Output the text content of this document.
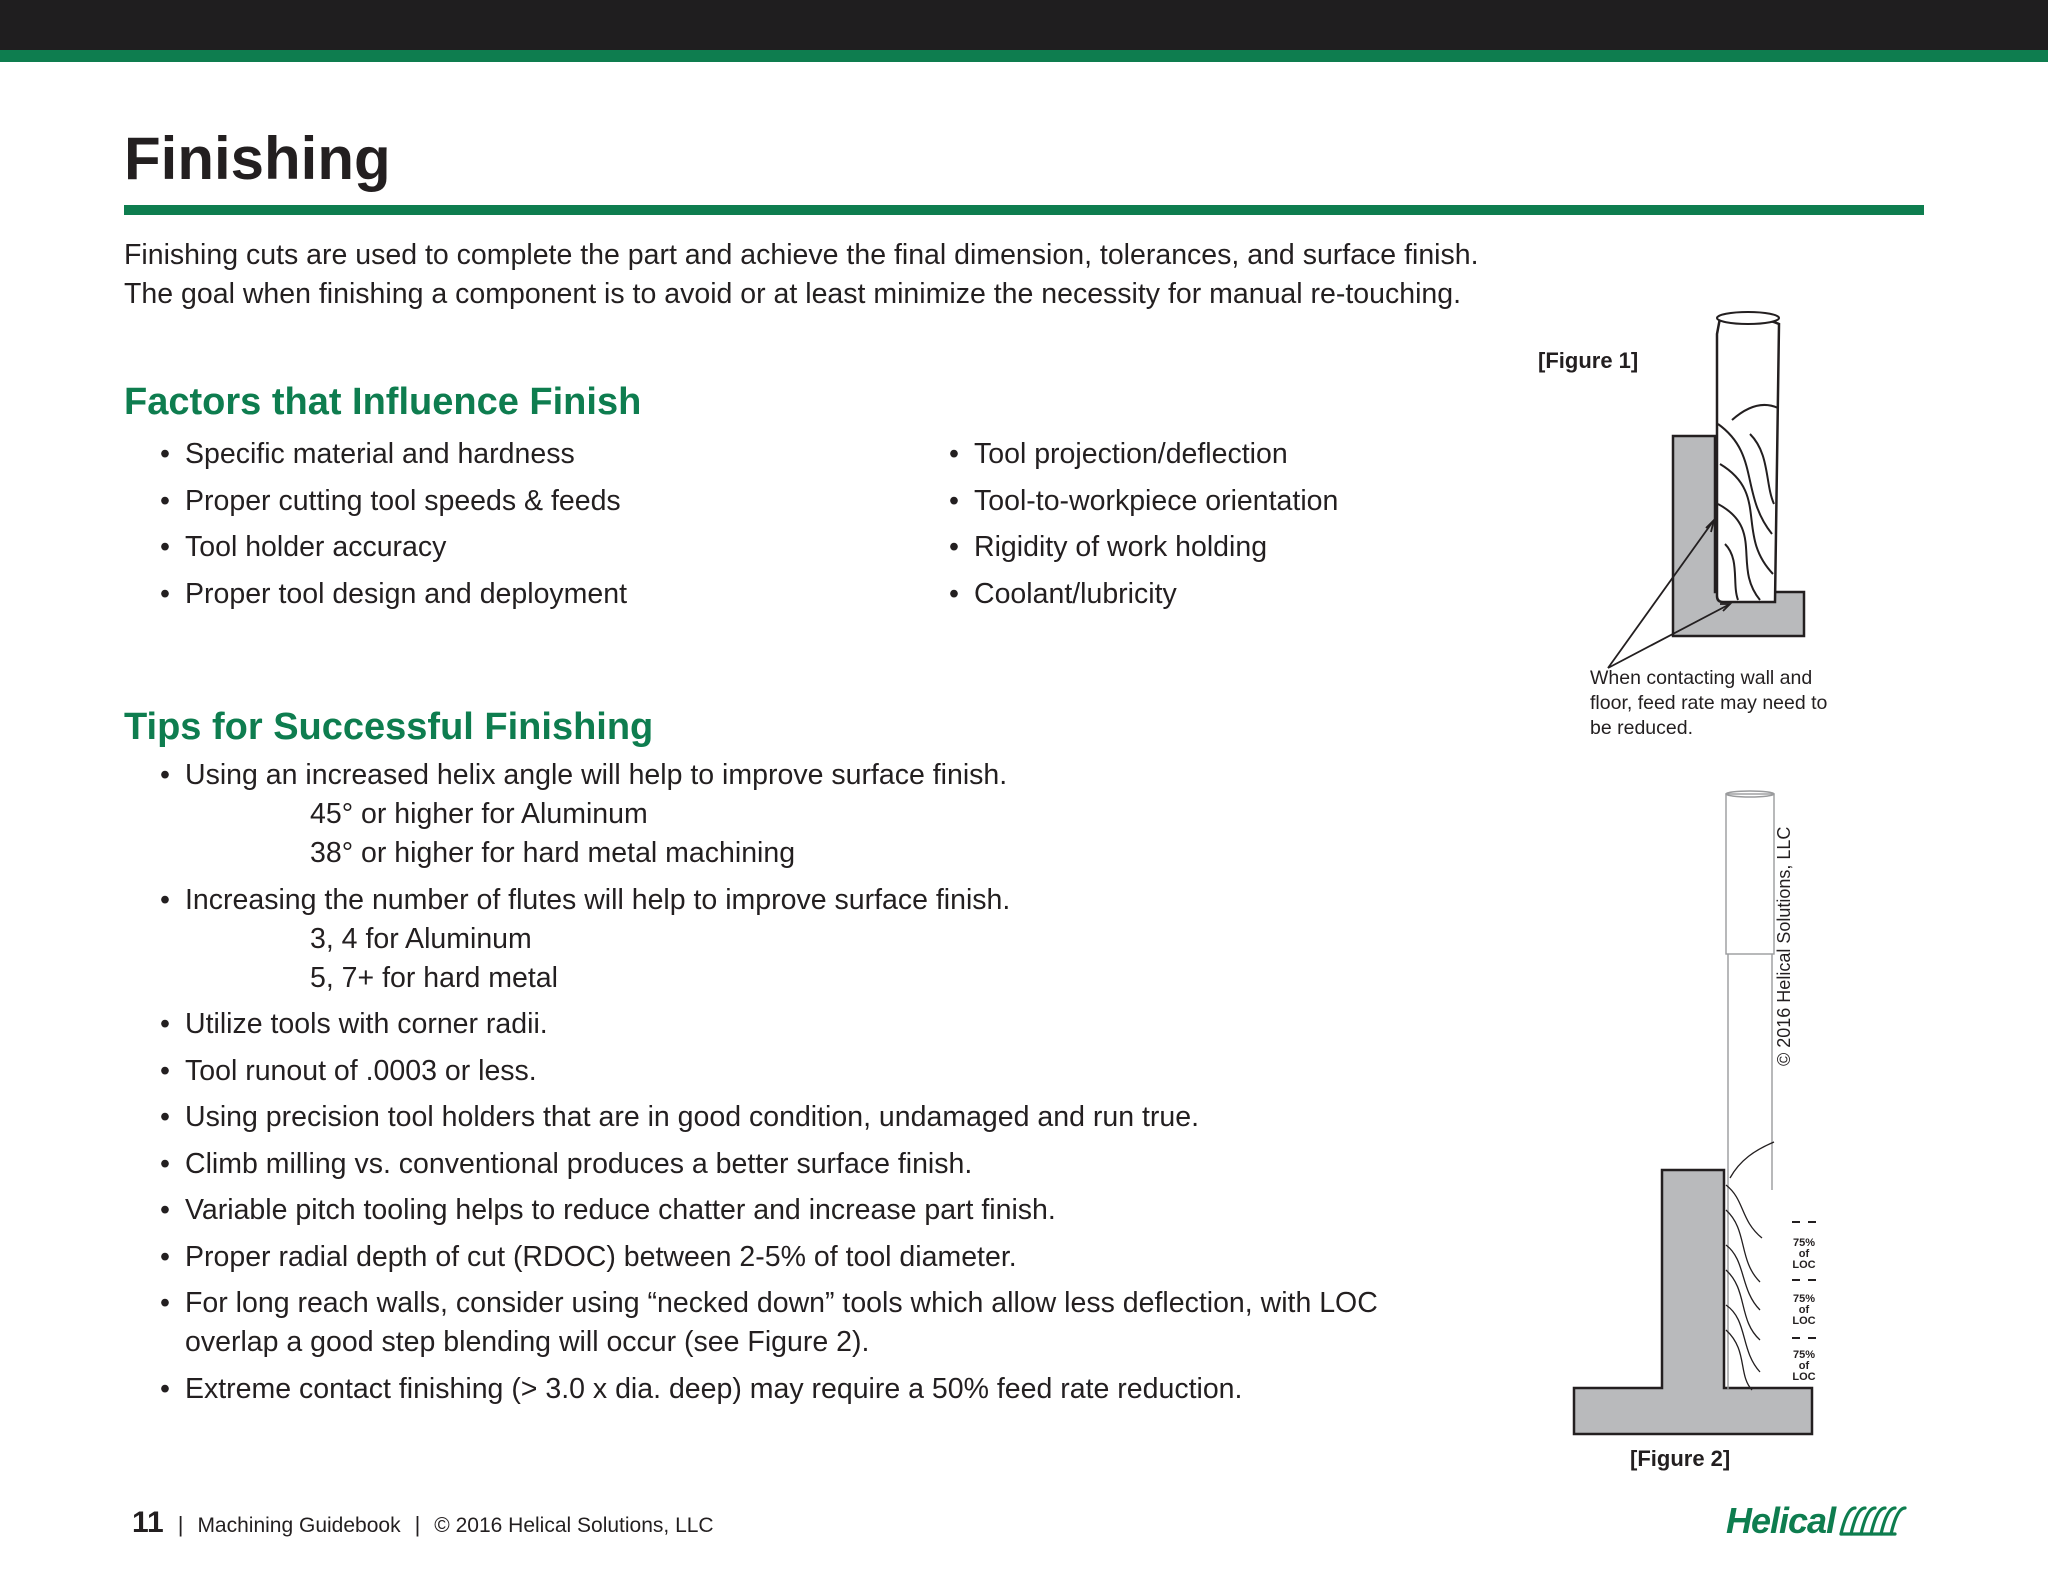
Finishing
Finishing cuts are used to complete the part and achieve the final dimension, tolerances, and surface finish.
The goal when finishing a component is to avoid or at least minimize the necessity for manual re-touching.
Factors that Influence Finish
• Specific material and hardness
• Proper cutting tool speeds & feeds
• Tool holder accuracy
• Proper tool design and deployment
• Tool projection/deflection
• Tool-to-workpiece orientation
• Rigidity of work holding
• Coolant/lubricity
Tips for Successful Finishing
• Using an increased helix angle will help to improve surface finish.
45° or higher for Aluminum
38° or higher for hard metal machining
• Increasing the number of flutes will help to improve surface finish.
3, 4 for Aluminum
5, 7+ for hard metal
• Utilize tools with corner radii.
• Tool runout of .0003 or less.
• Using precision tool holders that are in good condition, undamaged and run true.
• Climb milling vs. conventional produces a better surface finish.
• Variable pitch tooling helps to reduce chatter and increase part finish.
• Proper radial depth of cut (RDOC) between 2-5% of tool diameter.
• For long reach walls, consider using “necked down” tools which allow less deflection, with LOC
overlap a good step blending will occur (see Figure 2).
• Extreme contact finishing (> 3.0 x dia. deep) may require a 50% feed rate reduction.
[Figure 1]
When contacting wall and
floor, feed rate may need to
be reduced.
© 2016 Helical Solutions, LLC
75%
of
LOC
75%
of
LOC
75%
of
LOC
[Figure 2]
11 | Machining Guidebook | © 2016 Helical Solutions, LLC	Helical
